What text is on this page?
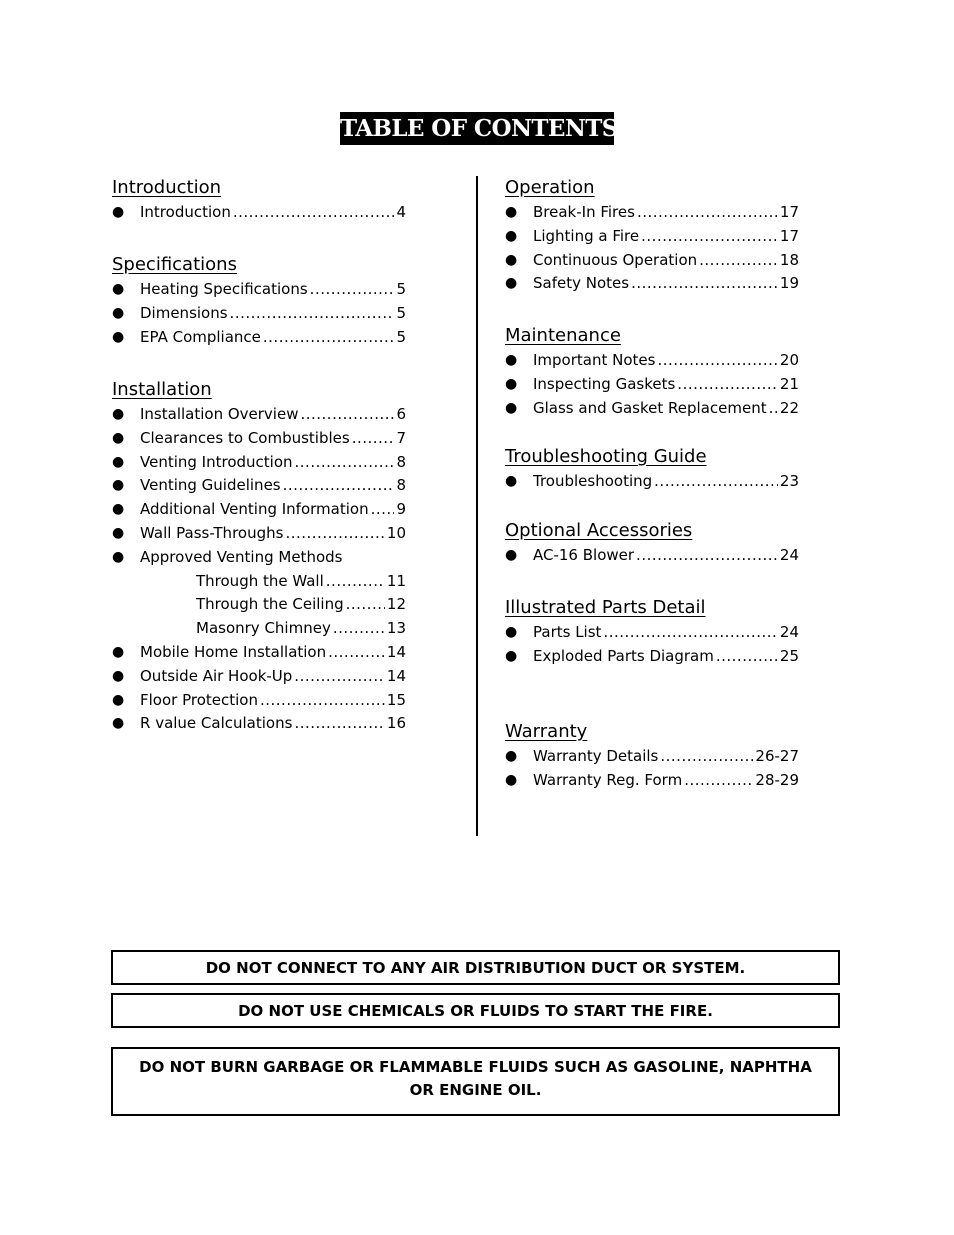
TABLE OF CONTENTS
Introduction
● Introduction .....	4
Specifications
● Heating Specifications .....	5
● Dimensions .....	5
● EPA Compliance .....	5
Installation
● Installation Overview .....	6
● Clearances to Combustibles .....	7
● Venting Introduction .....	8
● Venting Guidelines .....	8
● Additional Venting Information ..... 9
● Wall Pass-Throughs .....	10
● Approved Venting Methods
Through the Wall .....	11
Through the Ceiling .....	12
Masonry Chimney .....	13
● Mobile Home Installation .....	14
● Outside Air Hook-Up .....	14
● Floor Protection .....	15
● R value Calculations .....	16
Operation
● Break-In Fires .....	17
● Lighting a Fire .....	17
● Continuous Operation .....	18
● Safety Notes .....	19
Maintenance
● Important Notes .....	20
● Inspecting Gaskets .....	21
● Glass and Gasket Replacement ..... 22
Troubleshooting Guide
● Troubleshooting .....	23
Optional Accessories
● AC-16 Blower .....	24
Illustrated Parts Detail
● Parts List .....	24
● Exploded Parts Diagram .....	25
Warranty
● Warranty Details .....	26-27
● Warranty Reg. Form .....	28-29
DO NOT CONNECT TO ANY AIR DISTRIBUTION DUCT OR SYSTEM.
DO NOT USE CHEMICALS OR FLUIDS TO START THE FIRE.
DO NOT BURN GARBAGE OR FLAMMABLE FLUIDS SUCH AS GASOLINE, NAPHTHA OR ENGINE OIL.
